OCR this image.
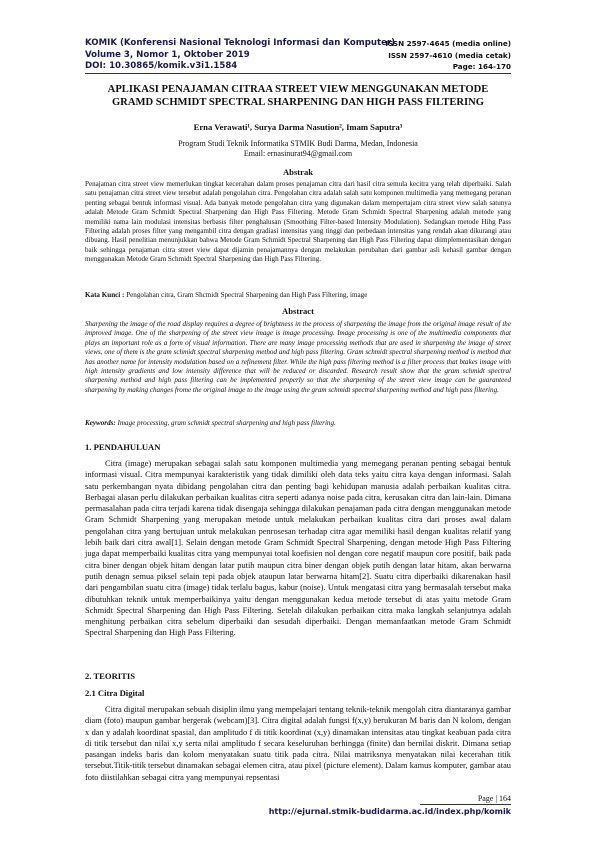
ISSN 2597-4645 (media online)
ISSN 2597-4610 (media cetak)
Page: 164-170
KOMIK (Konferensi Nasional Teknologi Informasi dan Komputer)
Volume 3, Nomor 1, Oktober 2019
DOI: 10.30865/komik.v3i1.1584
APLIKASI PENAJAMAN CITRAA STREET VIEW MENGGUNAKAN METODE
GRAMD SCHMIDT SPECTRAL SHARPENING DAN HIGH PASS FILTERING
Erna Verawati¹, Surya Darma Nasution², Imam Saputra³
Program Studi Teknik Informatika STMIK Budi Darma, Medan, Indonesia
Email: ernasinurat94@gmail.com
Abstrak

Penajaman citra street view memerlukan tingkat kecerahan dalam proses penajaman citra dari hasil citra semula kecitra yang telah diperbaiki. Salah satu penajaman citra street view tersebut adalah pengolahan citra. Pengolahan citra adalah salah satu komponen multimedia yang memegang peranan penting sebagai bentuk informasi visual. Ada banyak metode pengolahan citra yang digunakan dalam mempertajam citra street view salah satunya adalah Metode Gram Schmidt Spectral Sharpening dan High Pass Filtering. Metode Gram Schmidt Spectral Sharpening adalah metode yang memiliki nama lain modulasi intensitas berbasis filter penghalusan (Smoothing Filter-based Intensity Modulation). Sedangkan metode Hihg Pass Filtering adalah proses filter yang mengambil citra dengan gradiasi intensitas yang tinggi dan perbedaan intensitas yang rendah akan dikurangi atau dibuang. Hasil penelitian menunjukkan bahwa Metode Gram Schmidt Spectral Sharpening dan High Pass Filtering dapat diimplementasikan dengan baik sehingga penajaman citra street view dapat dijamin penajamannya dengan melakukan perubahan dari gambar asli kehasil gambar dengan menggunakan Metode Gram Schmidt Spectral Sharpening dan High Pass Filtering.

Kata Kunci : Pengolahan citra, Gram Shcmidt Spectral Sharpening dan High Pass Filtering, image

Abstract

Sharpening the image of the road display requires a degree of brightness in the process of sharpening the image from the original image result of the improved image. One of the sharpening of the street view image is image processing. Image processing is one of the multimedia components that plays an important role as a form of visual information. There are many image processing methods that are used in sharpening the image of street views, one of them is the gram schmidt spectral sharpening method and high pass filtering. Gram schmidt spectral sharpening method is method that has another name for intensity modulation based on a refinement filter. While the high pass filtering method is a filter process that btakes image with high intensity gradients and low intensity difference that will be reduced or discarded. Research result show that the gram schmidt spectral sharpening method and high pass filtering can be implemented properly so that the sharpening of the street view image can be guaranteed sharpening by making changes frome the original image to the image using the gram schmidt spectral sharpening method and high pass filtering.

Keywords: Image processing, gram schmidt spectral sharpening and high pass filtering.

1. PENDAHULUAN

Citra (image) merupakan sebagai salah satu komponen multimedia yang memegang peranan penting sebagai bentuk informasi visual. Citra mempunyai karakteristik yang tidak dimiliki oleh data teks yaitu citra kaya dengan informasi. Salah satu perkembangan nyata dibidang pengolahan citra dan penting bagi kehidupan manusia adalah perbaikan kualitas citra. Berbagai alasan perlu dilakukan perbaikan kualitas citra seperti adanya noise pada citra, kerusakan citra dan lain-lain. Dimana permasalahan pada citra terjadi karena tidak disengaja sehingga dilakukan penajaman pada citra dengan menggunakan metode Gram Schmidt Sharpening yang merupakan metode untuk melakukan perbaikan kualitas citra dari proses awal dalam pengolahan citra yang bertujuan untuk melakukan penrosesan terhadap citra agar memiliki hasil dengan kualitas relatif yang lebih baik dari citra awal[1]. Selain dengan metode Gram Schmidt Spectral Sharpening, dengan metode High Pass Filtering juga dapat memperbaiki kualitas citra yang mempunyai total koefisien nol dengan core negatif maupun core positif, baik pada citra biner dengan objek hitam dengan latar putih maupun citra biner dengan objek putih dengan latar hitam, akan berwarna putih denagn semua piksel selain tepi pada objek ataupun latar berwarna hitam[2]. Suatu citra diperbaiki dikarenakan hasil dari pengambilan suatu citra (image) tidak terlalu bagus, kabur (noise). Untuk mengatasi citra yang bermasalah tersebut maka dibutuhkan teknik untuk memperbaikinya yaitu dengan menggunakan kedua metode tersebut di atas yaitu metode Gram Schmidt Spectral Sharpening dan High Pass Filtering. Setelah dilakukan perbaikan citra maka langkah selanjutnya adalah menghitung perbaikan citra sebelum diperbaiki dan sesudah diperbaiki. Dengan memanfaatkan metode Gram Schmidt Spectral Sharpening dan High Pass Filtering.

2. TEORITIS
2.1 Citra Digital

Citra digital merupakan sebuah disiplin ilmu yang mempelajari tentang teknik-teknik mengolah citra diantaranya gambar diam (foto) maupun gambar bergerak (webcam)[3]. Citra digital adalah fungsi f(x,y) berukuran M baris dan N kolom, dengan x dan y adalah koordinat spasial, dan amplitudo f di titik koordinat (x,y) dinamakan intensitas atau tingkat keabuan pada citra di titik tersebut dan nilai x,y serta nilai amplitudo f secara keseluruhan berhingga (finite) dan bernilai diskrit. Dimana setiap pasangan indeks baris dan kolom menyatakan suatu titik pada citra. Nilai matriksnya menyatakan nilai kecerahan titik tersebut.Titik-titik tersebut dinamakan sebagai elemen citra, atau pixel (picture element). Dalam kamus komputer, gambar atau foto diistilahkan sebagai citra yang mempunyai repsentasi

Page | 164
http://ejurnal.stmik-budidarma.ac.id/index.php/komik
